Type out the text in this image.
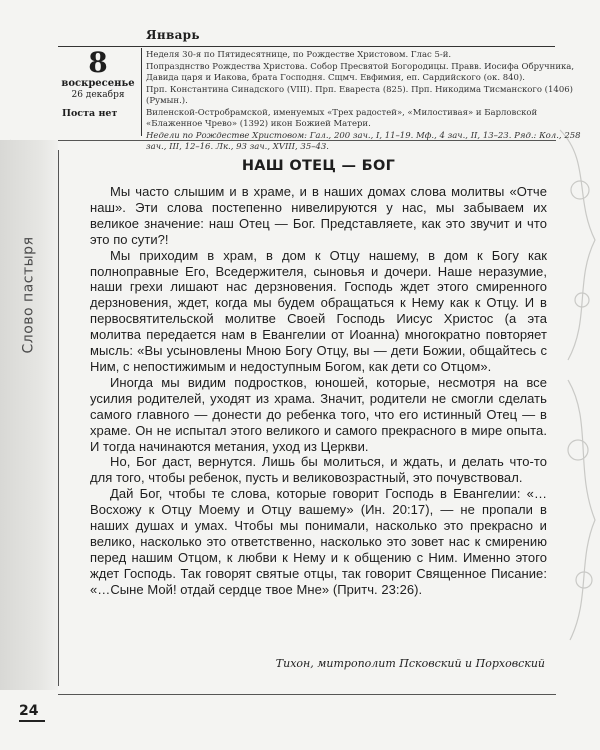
Январь
8
воскресенье
26 декабря
Поста нет

Неделя 30-я по Пятидесятнице, по Рождестве Христовом. Глас 5-й.

Попразднство Рождества Христова. Собор Пресвятой Богородицы. Правв. Иосифа Обручника, Давида царя и Иакова, брата Господня. Сщмч. Евфимия, еп. Сардийского (ок. 840).

Прп. Константина Синадского (VIII). Прп. Евареста (825). Прп. Никодима Тисманского (1406) (Румын.).

Виленской-Остробрамской, именуемых «Трех радостей», «Милостивая» и Барловской «Блаженное Чрево» (1392) икон Божией Матери.

Недели по Рождестве Христовом: Гал., 200 зач., I, 11–19. Мф., 4 зач., II, 13–23. Ряд.: Кол., 258 зач., III, 12–16. Лк., 93 зач., XVIII, 35–43.

Слово пастыря
НАШ ОТЕЦ — БОГ

Мы часто слышим и в храме, и в наших домах слова молитвы «Отче наш». Эти слова постепенно нивелируются у нас, мы забываем их великое значение: наш Отец — Бог. Представляете, как это звучит и что это по сути?!

Мы приходим в храм, в дом к Отцу нашему, в дом к Богу как полноправные Его, Вседержителя, сыновья и дочери. Наше неразумие, наши грехи лишают нас дерзновения. Господь ждет этого смиренного дерзновения, ждет, когда мы будем обращаться к Нему как к Отцу. И в первосвятительской молитве Своей Господь Иисус Христос (а эта молитва передается нам в Евангелии от Иоанна) многократно повторяет мысль: «Вы усыновлены Мною Богу Отцу, вы — дети Божии, общайтесь с Ним, с непостижимым и недоступным Богом, как дети со Отцом».

Иногда мы видим подростков, юношей, которые, несмотря на все усилия родителей, уходят из храма. Значит, родители не смогли сделать самого главного — донести до ребенка того, что его истинный Отец — в храме. Он не испытал этого великого и самого прекрасного в мире опыта. И тогда начинаются метания, уход из Церкви.

Но, Бог даст, вернутся. Лишь бы молиться, и ждать, и делать что-то для того, чтобы ребенок, пусть и великовозрастный, это почувствовал.

Дай Бог, чтобы те слова, которые говорит Господь в Евангелии: «…Восхожу к Отцу Моему и Отцу вашему» (Ин. 20:17), — не пропали в наших душах и умах. Чтобы мы понимали, насколько это прекрасно и велико, насколько это ответственно, насколько это зовет нас к смирению перед нашим Отцом, к любви к Нему и к общению с Ним. Именно этого ждет Господь. Так говорят святые отцы, так говорит Священное Писание: «…Сыне Мой! отдай сердце твое Мне» (Притч. 23:26).

Тихон, митрополит Псковский и Порховский
24
